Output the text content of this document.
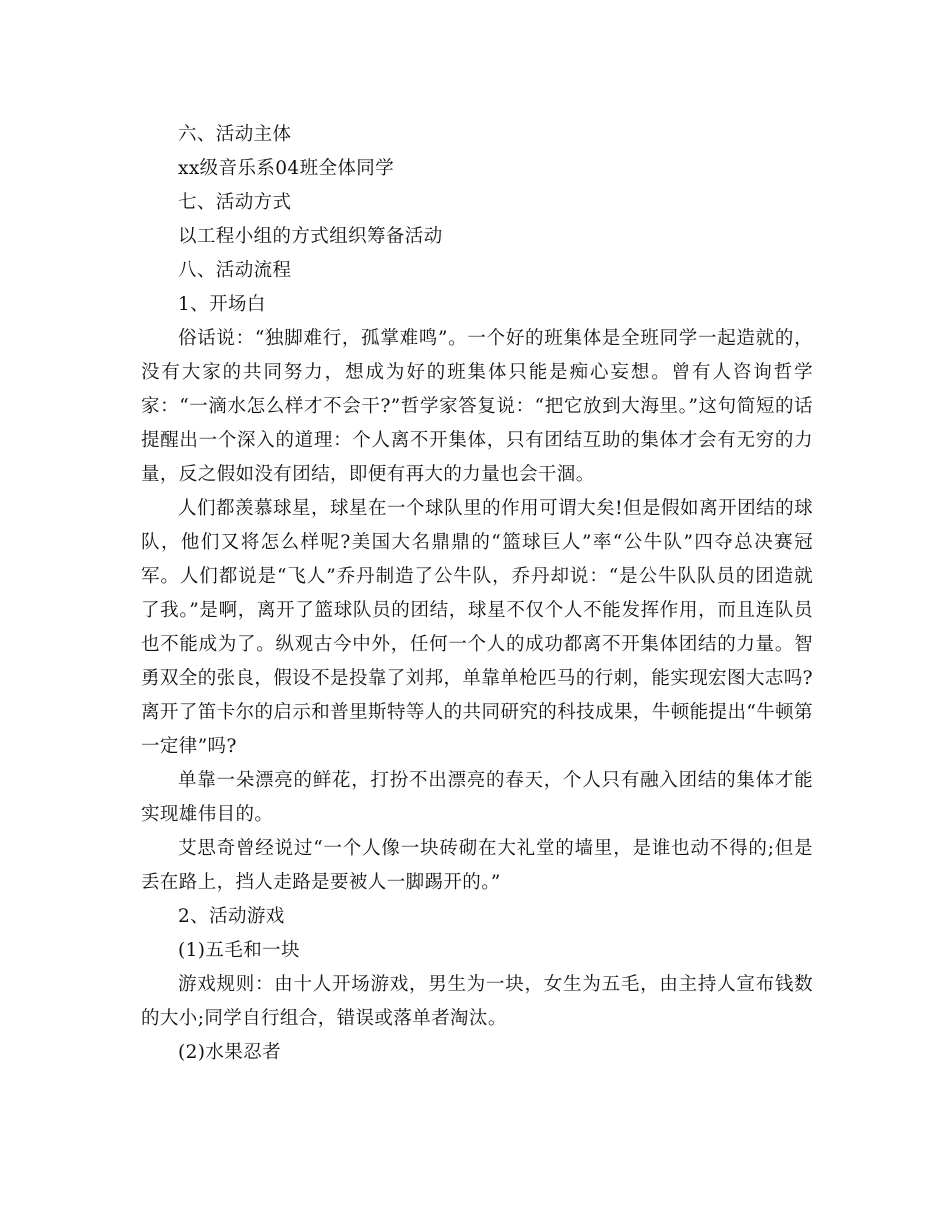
六、活动主体

xx级音乐系04班全体同学

七、活动方式

以工程小组的方式组织筹备活动

八、活动流程

1、开场白

俗话说：“独脚难行，孤掌难鸣”。一个好的班集体是全班同学一起造就的，没有大家的共同努力，想成为好的班集体只能是痴心妄想。曾有人咨询哲学家：“一滴水怎么样才不会干?”哲学家答复说：“把它放到大海里。”这句简短的话提醒出一个深入的道理：个人离不开集体，只有团结互助的集体才会有无穷的力量，反之假如没有团结，即便有再大的力量也会干涸。

人们都羡慕球星，球星在一个球队里的作用可谓大矣!但是假如离开团结的球队，他们又将怎么样呢?美国大名鼎鼎的“篮球巨人”率“公牛队”四夺总决赛冠军。人们都说是“飞人”乔丹制造了公牛队，乔丹却说：“是公牛队队员的团造就了我。”是啊，离开了篮球队员的团结，球星不仅个人不能发挥作用，而且连队员也不能成为了。纵观古今中外，任何一个人的成功都离不开集体团结的力量。智勇双全的张良，假设不是投靠了刘邦，单靠单枪匹马的行刺，能实现宏图大志吗?离开了笛卡尔的启示和普里斯特等人的共同研究的科技成果，牛顿能提出“牛顿第一定律”吗?

单靠一朵漂亮的鲜花，打扮不出漂亮的春天，个人只有融入团结的集体才能实现雄伟目的。

艾思奇曾经说过“一个人像一块砖砌在大礼堂的墙里，是谁也动不得的;但是丢在路上，挡人走路是要被人一脚踢开的。”

2、活动游戏

(1)五毛和一块

游戏规则：由十人开场游戏，男生为一块，女生为五毛，由主持人宣布钱数的大小;同学自行组合，错误或落单者淘汰。

(2)水果忍者
